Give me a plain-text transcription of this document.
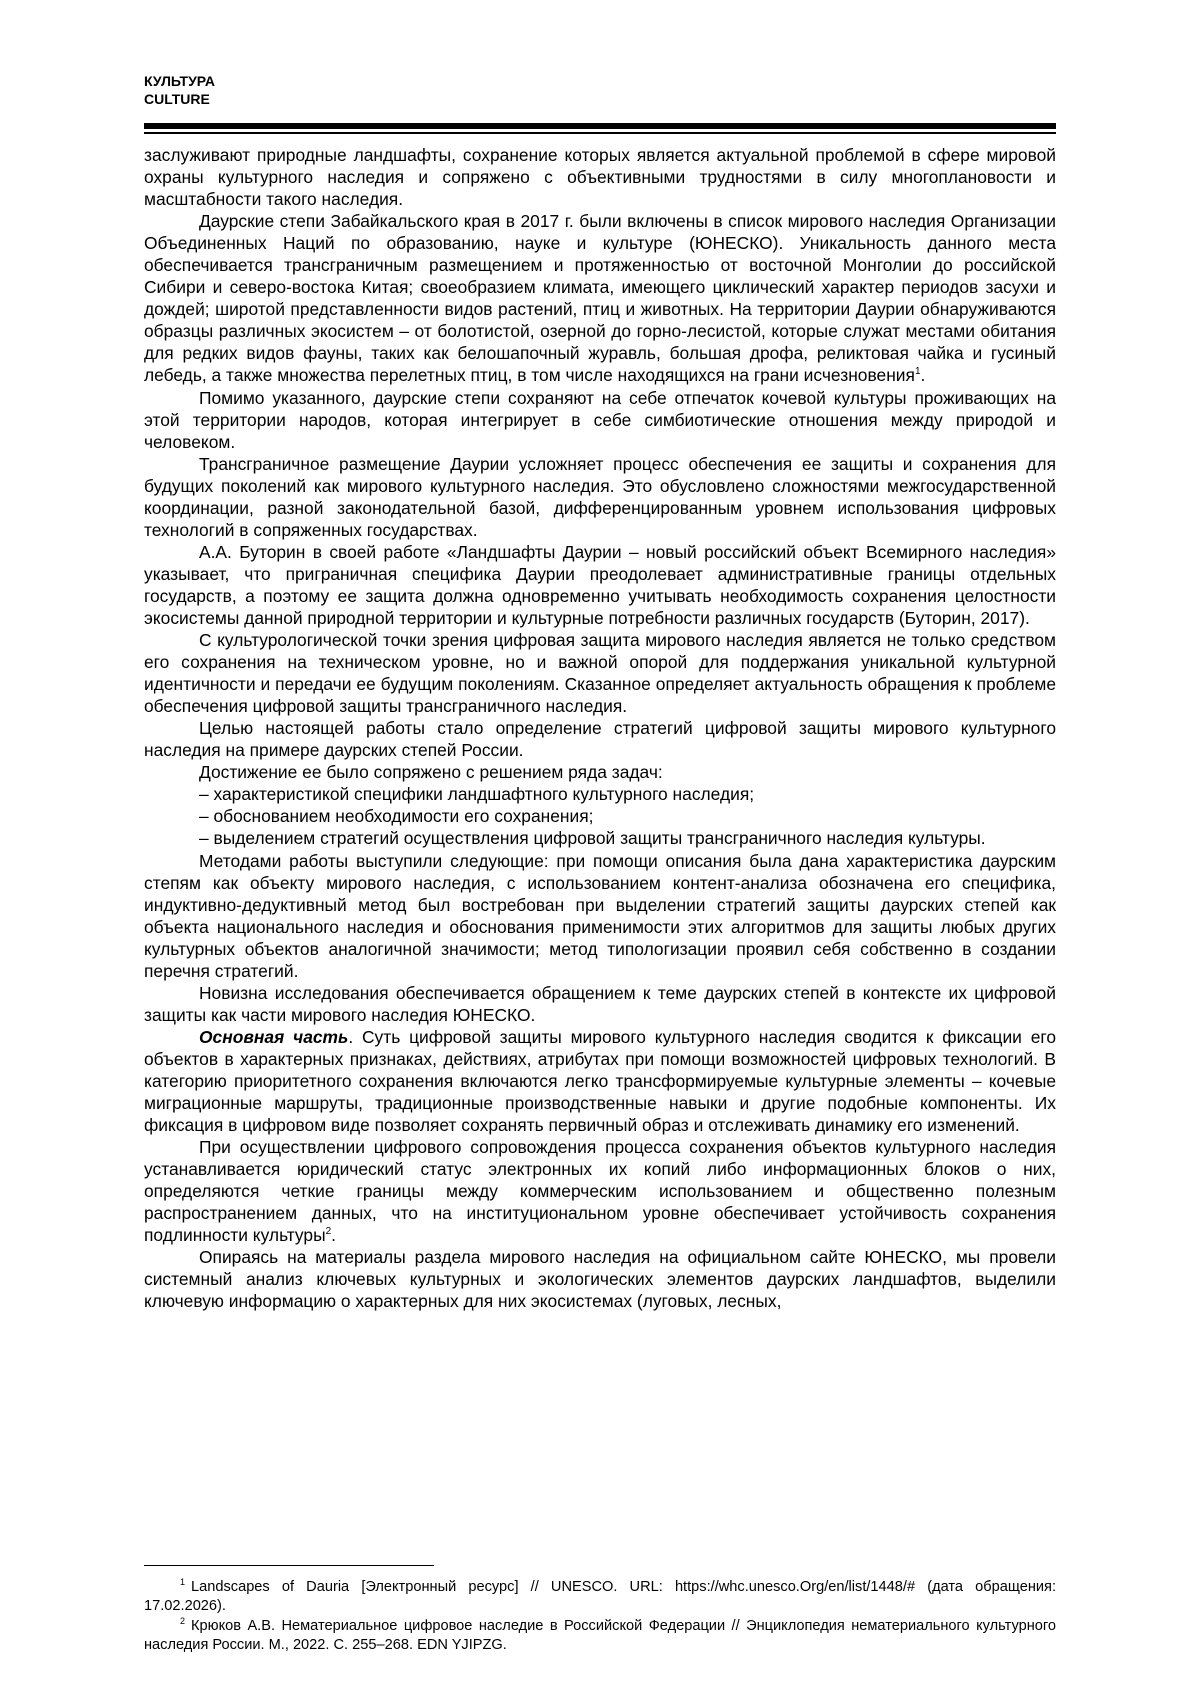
КУЛЬТУРА
CULTURE

заслуживают природные ландшафты, сохранение которых является актуальной проблемой в сфере мировой охраны культурного наследия и сопряжено с объективными трудностями в силу многоплановости и масштабности такого наследия.

Даурские степи Забайкальского края в 2017 г. были включены в список мирового наследия Организации Объединенных Наций по образованию, науке и культуре (ЮНЕСКО). Уникальность данного места обеспечивается трансграничным размещением и протяженностью от восточной Монголии до российской Сибири и северо-востока Китая; своеобразием климата, имеющего циклический характер периодов засухи и дождей; широтой представленности видов растений, птиц и животных. На территории Даурии обнаруживаются образцы различных экосистем – от болотистой, озерной до горно-лесистой, которые служат местами обитания для редких видов фауны, таких как белошапочный журавль, большая дрофа, реликтовая чайка и гусиный лебедь, а также множества перелетных птиц, в том числе находящихся на грани исчезновения$^1$.

Помимо указанного, даурские степи сохраняют на себе отпечаток кочевой культуры проживающих на этой территории народов, которая интегрирует в себе симбиотические отношения между природой и человеком.

Трансграничное размещение Даурии усложняет процесс обеспечения ее защиты и сохранения для будущих поколений как мирового культурного наследия. Это обусловлено сложностями межгосударственной координации, разной законодательной базой, дифференцированным уровнем использования цифровых технологий в сопряженных государствах.

А.А. Буторин в своей работе «Ландшафты Даурии – новый российский объект Всемирного наследия» указывает, что приграничная специфика Даурии преодолевает административные границы отдельных государств, а поэтому ее защита должна одновременно учитывать необходимость сохранения целостности экосистемы данной природной территории и культурные потребности различных государств (Буторин, 2017).

С культурологической точки зрения цифровая защита мирового наследия является не только средством его сохранения на техническом уровне, но и важной опорой для поддержания уникальной культурной идентичности и передачи ее будущим поколениям. Сказанное определяет актуальность обращения к проблеме обеспечения цифровой защиты трансграничного наследия.

Целью настоящей работы стало определение стратегий цифровой защиты мирового культурного наследия на примере даурских степей России.

Достижение ее было сопряжено с решением ряда задач:

– характеристикой специфики ландшафтного культурного наследия;

– обоснованием необходимости его сохранения;

– выделением стратегий осуществления цифровой защиты трансграничного наследия культуры.

Методами работы выступили следующие: при помощи описания была дана характеристика даурским степям как объекту мирового наследия, с использованием контент-анализа обозначена его специфика, индуктивно-дедуктивный метод был востребован при выделении стратегий защиты даурских степей как объекта национального наследия и обоснования применимости этих алгоритмов для защиты любых других культурных объектов аналогичной значимости; метод типологизации проявил себя собственно в создании перечня стратегий.

Новизна исследования обеспечивается обращением к теме даурских степей в контексте их цифровой защиты как части мирового наследия ЮНЕСКО.

Основная часть. Суть цифровой защиты мирового культурного наследия сводится к фиксации его объектов в характерных признаках, действиях, атрибутах при помощи возможностей цифровых технологий. В категорию приоритетного сохранения включаются легко трансформируемые культурные элементы – кочевые миграционные маршруты, традиционные производственные навыки и другие подобные компоненты. Их фиксация в цифровом виде позволяет сохранять первичный образ и отслеживать динамику его изменений.

При осуществлении цифрового сопровождения процесса сохранения объектов культурного наследия устанавливается юридический статус электронных их копий либо информационных блоков о них, определяются четкие границы между коммерческим использованием и общественно полезным распространением данных, что на институциональном уровне обеспечивает устойчивость сохранения подлинности культуры$^2$.

Опираясь на материалы раздела мирового наследия на официальном сайте ЮНЕСКО, мы провели системный анализ ключевых культурных и экологических элементов даурских ландшафтов, выделили ключевую информацию о характерных для них экосистемах (луговых, лесных,

$^1$ Landscapes of Dauria [Электронный ресурс] // UNESCO. URL: https://whc.unesco.Org/en/list/1448/# (дата обращения: 17.02.2026).

$^2$ Крюков А.В. Нематериальное цифровое наследие в Российской Федерации // Энциклопедия нематериального культурного наследия России. М., 2022. С. 255–268. EDN YJIPZG.
